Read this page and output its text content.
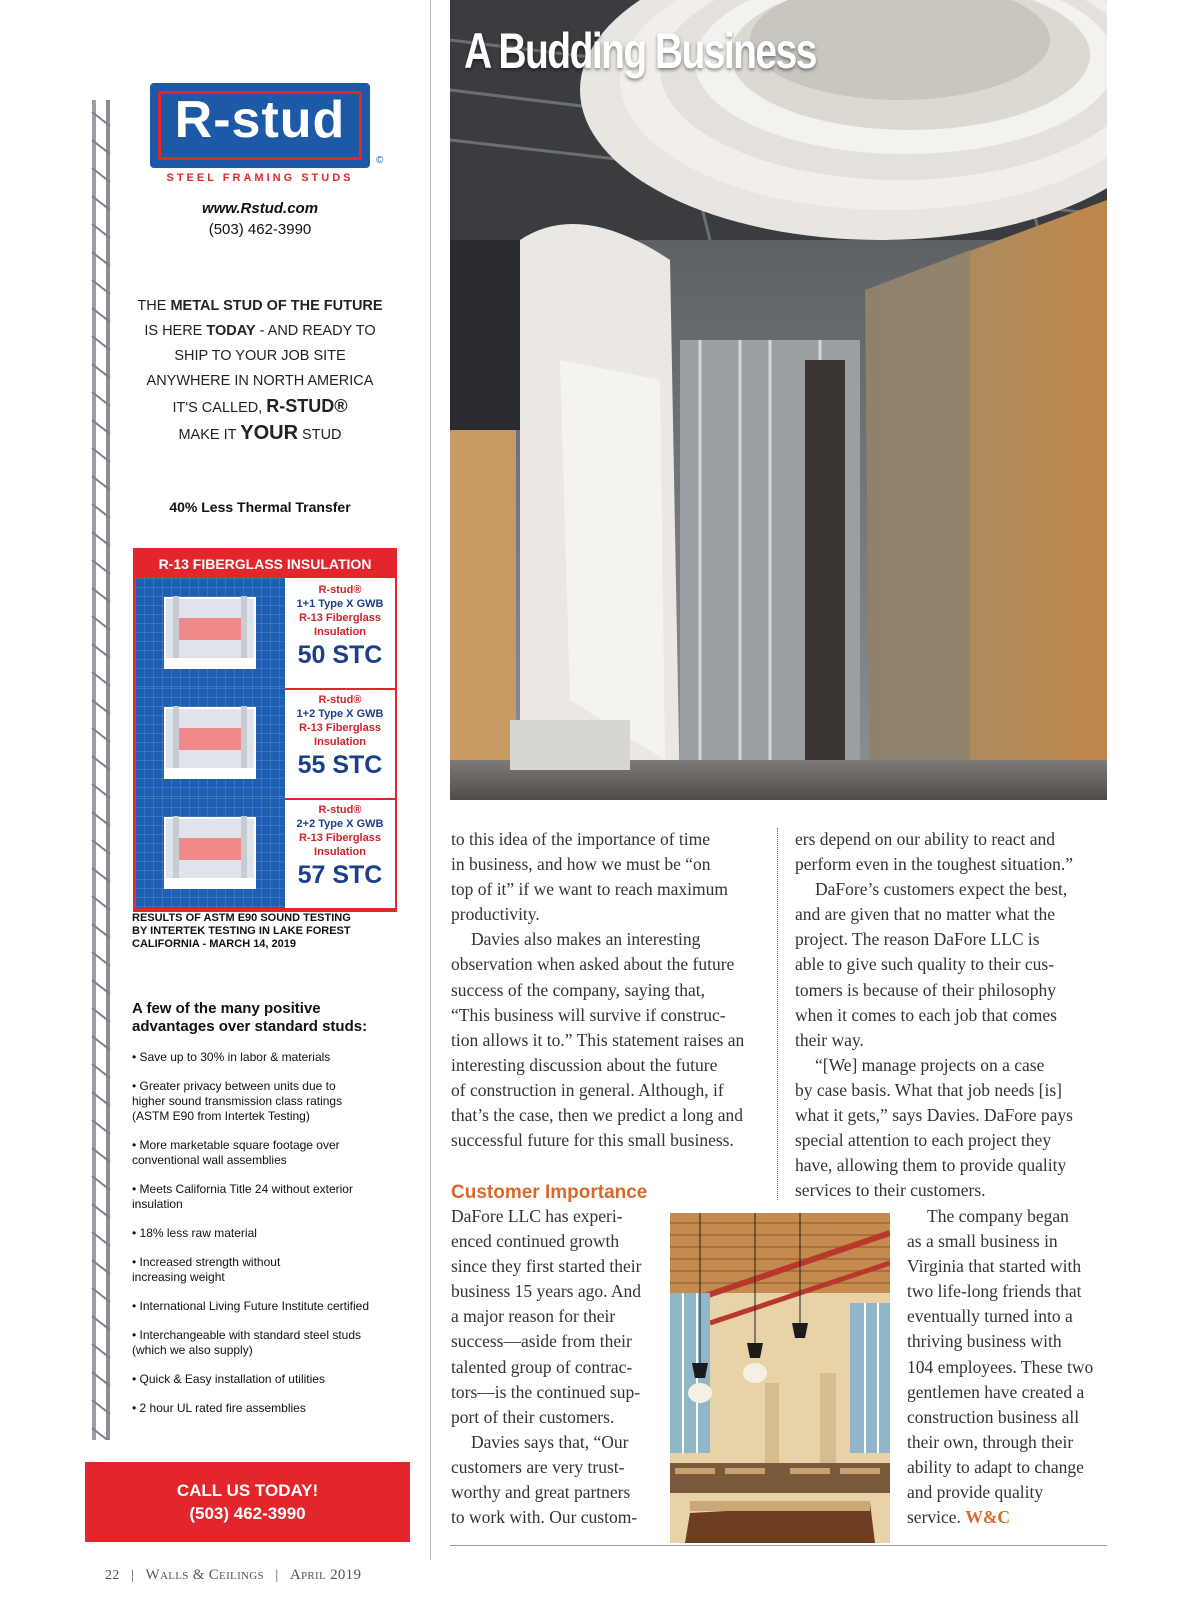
R-stud
©
STEEL FRAMING STUDS
www.Rstud.com
(503) 462-3990
THE METAL STUD OF THE FUTURE
IS HERE TODAY - AND READY TO
SHIP TO YOUR JOB SITE
ANYWHERE IN NORTH AMERICA
IT'S CALLED, R-STUD®
MAKE IT YOUR STUD
40% Less Thermal Transfer
R-13 FIBERGLASS INSULATION
R-stud®
1+1 Type X GWB
R-13 Fiberglass
Insulation
50 STC
R-stud®
1+2 Type X GWB
R-13 Fiberglass
Insulation
55 STC
R-stud®
2+2 Type X GWB
R-13 Fiberglass
Insulation
57 STC
RESULTS OF ASTM E90 SOUND TESTING
BY INTERTEK TESTING IN LAKE FOREST
CALIFORNIA - MARCH 14, 2019
A few of the many positive
advantages over standard studs:
• Save up to 30% in labor & materials
• Greater privacy between units due to
higher sound transmission class ratings
(ASTM E90 from Intertek Testing)
• More marketable square footage over
conventional wall assemblies
• Meets California Title 24 without exterior
insulation
• 18% less raw material
• Increased strength without
increasing weight
• International Living Future Institute certified
• Interchangeable with standard steel studs
(which we also supply)
• Quick & Easy installation of utilities
• 2 hour UL rated fire assemblies
CALL US TODAY!
(503) 462-3990
A Budding Business

to this idea of the importance of time
in business, and how we must be “on
top of it” if we want to reach maximum
productivity.

Davies also makes an interesting
observation when asked about the future
success of the company, saying that,
“This business will survive if construc-
tion allows it to.” This statement raises an
interesting discussion about the future
of construction in general. Although, if
that’s the case, then we predict a long and
successful future for this small business.

ers depend on our ability to react and
perform even in the toughest situation.”

DaFore’s customers expect the best,
and are given that no matter what the
project. The reason DaFore LLC is
able to give such quality to their cus-
tomers is because of their philosophy
when it comes to each job that comes
their way.

“[We] manage projects on a case
by case basis. What that job needs [is]
what it gets,” says Davies. DaFore pays
special attention to each project they
have, allowing them to provide quality
services to their customers.

Customer Importance

DaFore LLC has experi-
enced continued growth
since they first started their
business 15 years ago. And
a major reason for their
success—aside from their
talented group of contrac-
tors—is the continued sup-
port of their customers.

Davies says that, “Our
customers are very trust-
worthy and great partners
to work with. Our custom-

The company began
as a small business in
Virginia that started with
two life-long friends that
eventually turned into a
thriving business with
104 employees. These two
gentlemen have created a
construction business all
their own, through their
ability to adapt to change
and provide quality

service. W&C
22 | Walls & Ceilings | April 2019
